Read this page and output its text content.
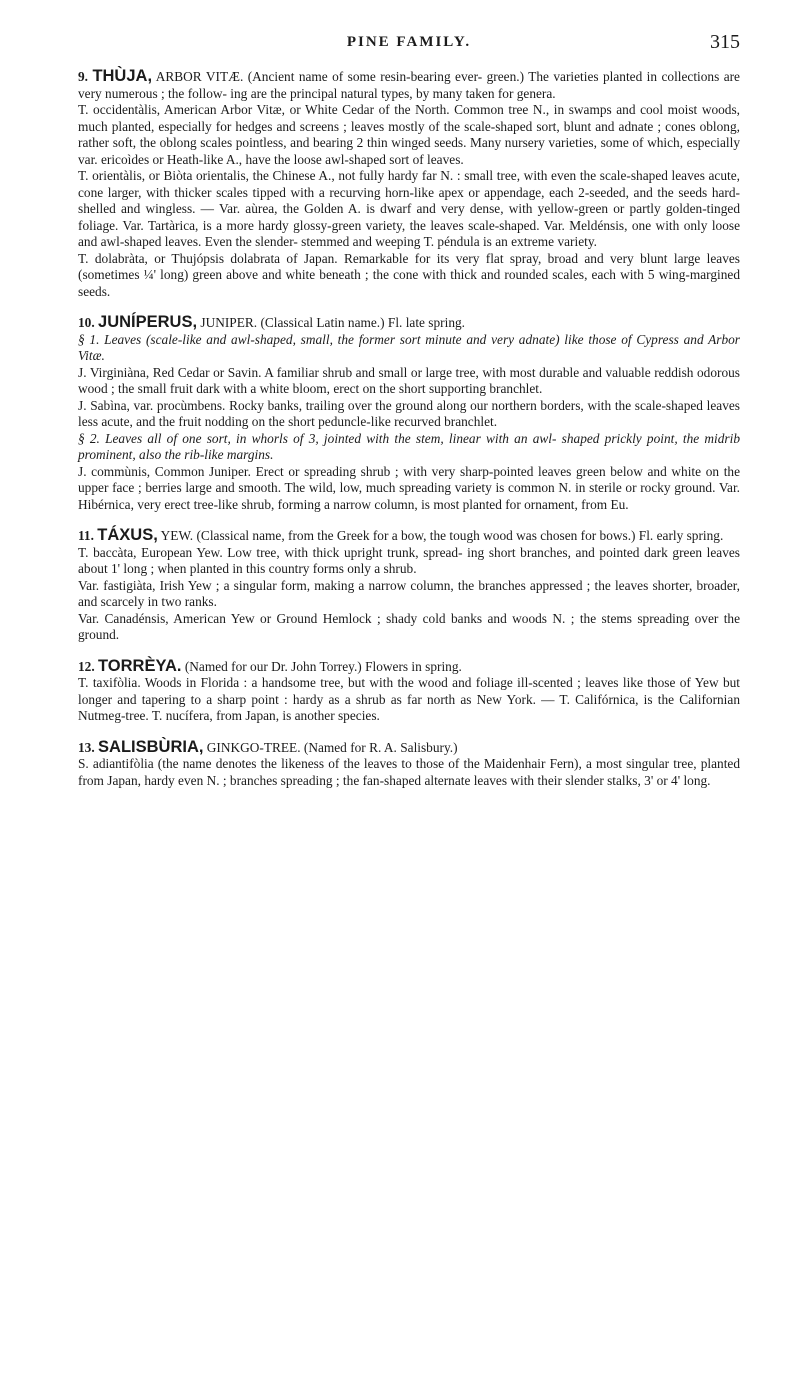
PINE FAMILY.	315

9. THÙJA, ARBOR VITÆ. (Ancient name of some resin-bearing ever- green.) The varieties planted in collections are very numerous ; the follow- ing are the principal natural types, by many taken for genera.

T. occidentàlis, American Arbor Vitæ, or White Cedar of the North. Common tree N., in swamps and cool moist woods, much planted, especially for hedges and screens ; leaves mostly of the scale-shaped sort, blunt and adnate ; cones oblong, rather soft, the oblong scales pointless, and bearing 2 thin winged seeds. Many nursery varieties, some of which, especially var. ericoìdes or Heath-like A., have the loose awl-shaped sort of leaves.

T. orientàlis, or Biòta orientalis, the Chinese A., not fully hardy far N. : small tree, with even the scale-shaped leaves acute, cone larger, with thicker scales tipped with a recurving horn-like apex or appendage, each 2-seeded, and the seeds hard-shelled and wingless. — Var. aùrea, the Golden A. is dwarf and very dense, with yellow-green or partly golden-tinged foliage. Var. Tartàrica, is a more hardy glossy-green variety, the leaves scale-shaped. Var. Meldénsis, one with only loose and awl-shaped leaves. Even the slender- stemmed and weeping T. péndula is an extreme variety.

T. dolabràta, or Thujópsis dolabrata of Japan. Remarkable for its very flat spray, broad and very blunt large leaves (sometimes ¼' long) green above and white beneath ; the cone with thick and rounded scales, each with 5 wing-margined seeds.

10. JUNÍPERUS, JUNIPER. (Classical Latin name.) Fl. late spring.

§ 1. Leaves (scale-like and awl-shaped, small, the former sort minute and very adnate) like those of Cypress and Arbor Vitæ.

J. Virginiàna, Red Cedar or Savin. A familiar shrub and small or large tree, with most durable and valuable reddish odorous wood ; the small fruit dark with a white bloom, erect on the short supporting branchlet.

J. Sabìna, var. procùmbens. Rocky banks, trailing over the ground along our northern borders, with the scale-shaped leaves less acute, and the fruit nodding on the short peduncle-like recurved branchlet.

§ 2. Leaves all of one sort, in whorls of 3, jointed with the stem, linear with an awl- shaped prickly point, the midrib prominent, also the rib-like margins.

J. commùnis, Common Juniper. Erect or spreading shrub ; with very sharp-pointed leaves green below and white on the upper face ; berries large and smooth. The wild, low, much spreading variety is common N. in sterile or rocky ground. Var. Hibérnica, very erect tree-like shrub, forming a narrow column, is most planted for ornament, from Eu.

11. TÁXUS, YEW. (Classical name, from the Greek for a bow, the tough wood was chosen for bows.) Fl. early spring.

T. baccàta, European Yew. Low tree, with thick upright trunk, spread- ing short branches, and pointed dark green leaves about 1' long ; when planted in this country forms only a shrub.

Var. fastigiàta, Irish Yew ; a singular form, making a narrow column, the branches appressed ; the leaves shorter, broader, and scarcely in two ranks.

Var. Canadénsis, American Yew or Ground Hemlock ; shady cold banks and woods N. ; the stems spreading over the ground.

12. TORRÈYA. (Named for our Dr. John Torrey.) Flowers in spring.

T. taxifòlia. Woods in Florida : a handsome tree, but with the wood and foliage ill-scented ; leaves like those of Yew but longer and tapering to a sharp point : hardy as a shrub as far north as New York. — T. Califórnica, is the Californian Nutmeg-tree. T. nucífera, from Japan, is another species.

13. SALISBÙRIA, GINKGO-TREE. (Named for R. A. Salisbury.)

S. adiantifòlia (the name denotes the likeness of the leaves to those of the Maidenhair Fern), a most singular tree, planted from Japan, hardy even N. ; branches spreading ; the fan-shaped alternate leaves with their slender stalks, 3' or 4' long.
